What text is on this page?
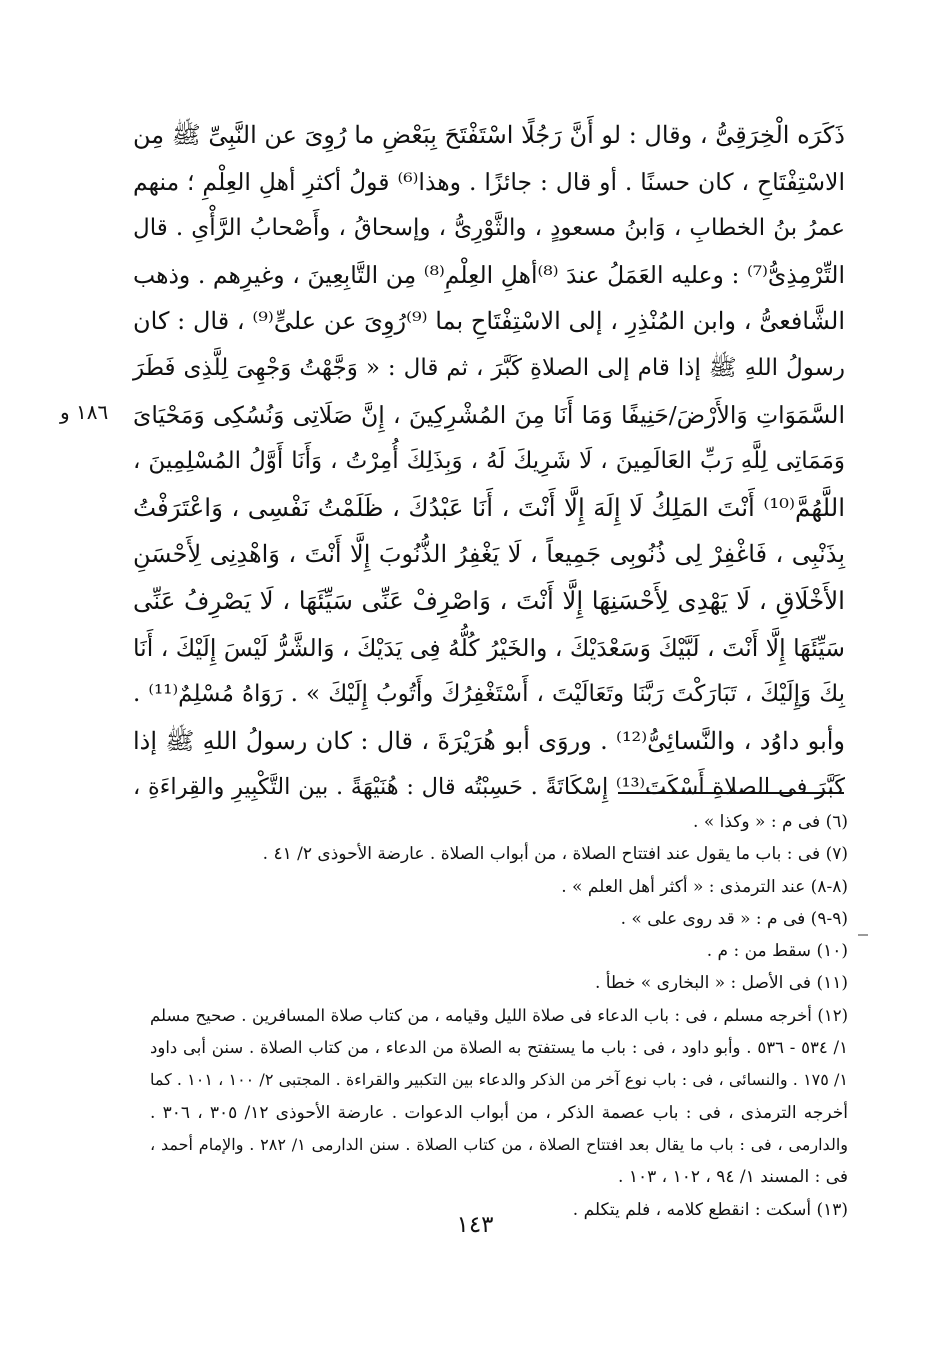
ذَكَرَه الْخِرَقِىُّ ، وقال : لو أَنَّ رَجُلًا اسْتَفْتَحَ بِبَعْضِ ما رُوِىَ عن النَّبِىِّ ﷺ مِن
الاسْتِفْتَاحِ ، كان حسنًا . أو قال : جائزًا . وهذا⁽⁶⁾ قولُ أكثرِ أهلِ العِلْمِ ؛ منهم
عمرُ بنُ الخطابِ ، وَابنُ مسعودٍ ، والثَّوْرِىُّ ، وإسحاقُ ، وأَصْحابُ الرَّأْىِ . قال
التِّرْمِذِىُّ⁽⁷⁾ : وعليه العَمَلُ عندَ ⁽⁸⁾أهلِ العِلْمِ⁽⁸⁾ مِن التَّابِعِينَ ، وغيرِهم . وذهب
الشَّافعىُّ ، وابن المُنْذِرِ ، إلى الاسْتِفْتَاحِ بما ⁽⁹⁾رُوِىَ عن علىٍّ⁽⁹⁾ ، قال : كان
رسولُ اللهِ ﷺ إذا قام إلى الصلاةِ كَبَّرَ ، ثم قال : « وَجَّهْتُ وَجْهِىَ لِلَّذِى فَطَرَ
السَّمَوَاتِ وَالأَرْضَ/حَنِيفًا وَمَا أَنَا مِنَ المُشْرِكِينَ ، إِنَّ صَلَاتِى وَنُسُكِى وَمَحْيَاىَ
وَمَمَاتِى لِلَّهِ رَبِّ العَالَمِينَ ، لَا شَرِيكَ لَهُ ، وَبِذَلِكَ أُمِرْتُ ، وَأَنَا أَوَّلُ المُسْلِمِينَ ،
اللَّهُمَّ⁽¹⁰⁾ أَنْتَ المَلِكُ لَا إِلَهَ إِلَّا أَنْتَ ، أَنَا عَبْدُكَ ، ظَلَمْتُ نَفْسِى ، وَاعْتَرَفْتُ
بِذَنْبِى ، فَاغْفِرْ لِى ذُنُوبِى جَمِيعاً ، لَا يَغْفِرُ الذُّنُوبَ إِلَّا أَنْتَ ، وَاهْدِنِى لِأَحْسَنِ
الأَخْلَاقِ ، لَا يَهْدِى لِأَحْسَنِهَا إِلَّا أَنْتَ ، وَاصْرِفْ عَنِّى سَيِّئَهَا ، لَا يَصْرِفُ عَنِّى
سَيِّئَهَا إِلَّا أَنْتَ ، لَبَّيْكَ وَسَعْدَيْكَ ، والخَيْرُ كُلُّهُ فِى يَدَيْكَ ، وَالشَّرُّ لَيْسَ إِلَيْكَ ، أَنَا
بِكَ وَإِلَيْكَ ، تَبَارَكْتَ رَبَّنَا وتَعَالَيْتَ ، أَسْتَغْفِرُكَ وأَتُوبُ إِلَيْكَ » . رَوَاهُ مُسْلِمٌ⁽¹¹⁾ .
وأبو داوُد ، والنَّسائِىُّ⁽¹²⁾ . وروَى أبو هُرَيْرَةَ ، قال : كان رسولُ اللهِ ﷺ إذا
كَبَّرَ فى الصلاةِ أَسْكَتَ⁽¹³⁾ إِسْكَاتَةً . حَسِبْتُه قال : هُنَيْهَةً . بين التَّكْبِيرِ والقِراءَةِ ،
١٨٦ و
(٦) فى م : « وكذا » .
(٧) فى : باب ما يقول عند افتتاح الصلاة ، من أبواب الصلاة . عارضة الأحوذى ٢/ ٤١ .
(٨-٨) عند الترمذى : « أكثر أهل العلم » .
(٩-٩) فى م : « قد روى على » .
(١٠) سقط من : م .
(١١) فى الأصل : « البخارى » خطأ .
(١٢) أخرجه مسلم ، فى : باب الدعاء فى صلاة الليل وقيامه ، من كتاب صلاة المسافرين . صحيح مسلم
١/ ٥٣٤ - ٥٣٦ . وأبو داود ، فى : باب ما يستفتح به الصلاة من الدعاء ، من كتاب الصلاة . سنن أبى داود
١/ ١٧٥ . والنسائى ، فى : باب نوع آخر من الذكر والدعاء بين التكبير والقراءة . المجتبى ٢/ ١٠٠ ، ١٠١ . كما
أخرجه الترمذى ، فى : باب عصمة الذكر ، من أبواب الدعوات . عارضة الأحوذى ١٢/ ٣٠٥ ، ٣٠٦ .
والدارمى ، فى : باب ما يقال بعد افتتاح الصلاة ، من كتاب الصلاة . سنن الدارمى ١/ ٢٨٢ . والإمام أحمد ،
فى : المسند ١/ ٩٤ ، ١٠٢ ، ١٠٣ .
(١٣) أسكت : انقطع كلامه ، فلم يتكلم .
١٤٣
